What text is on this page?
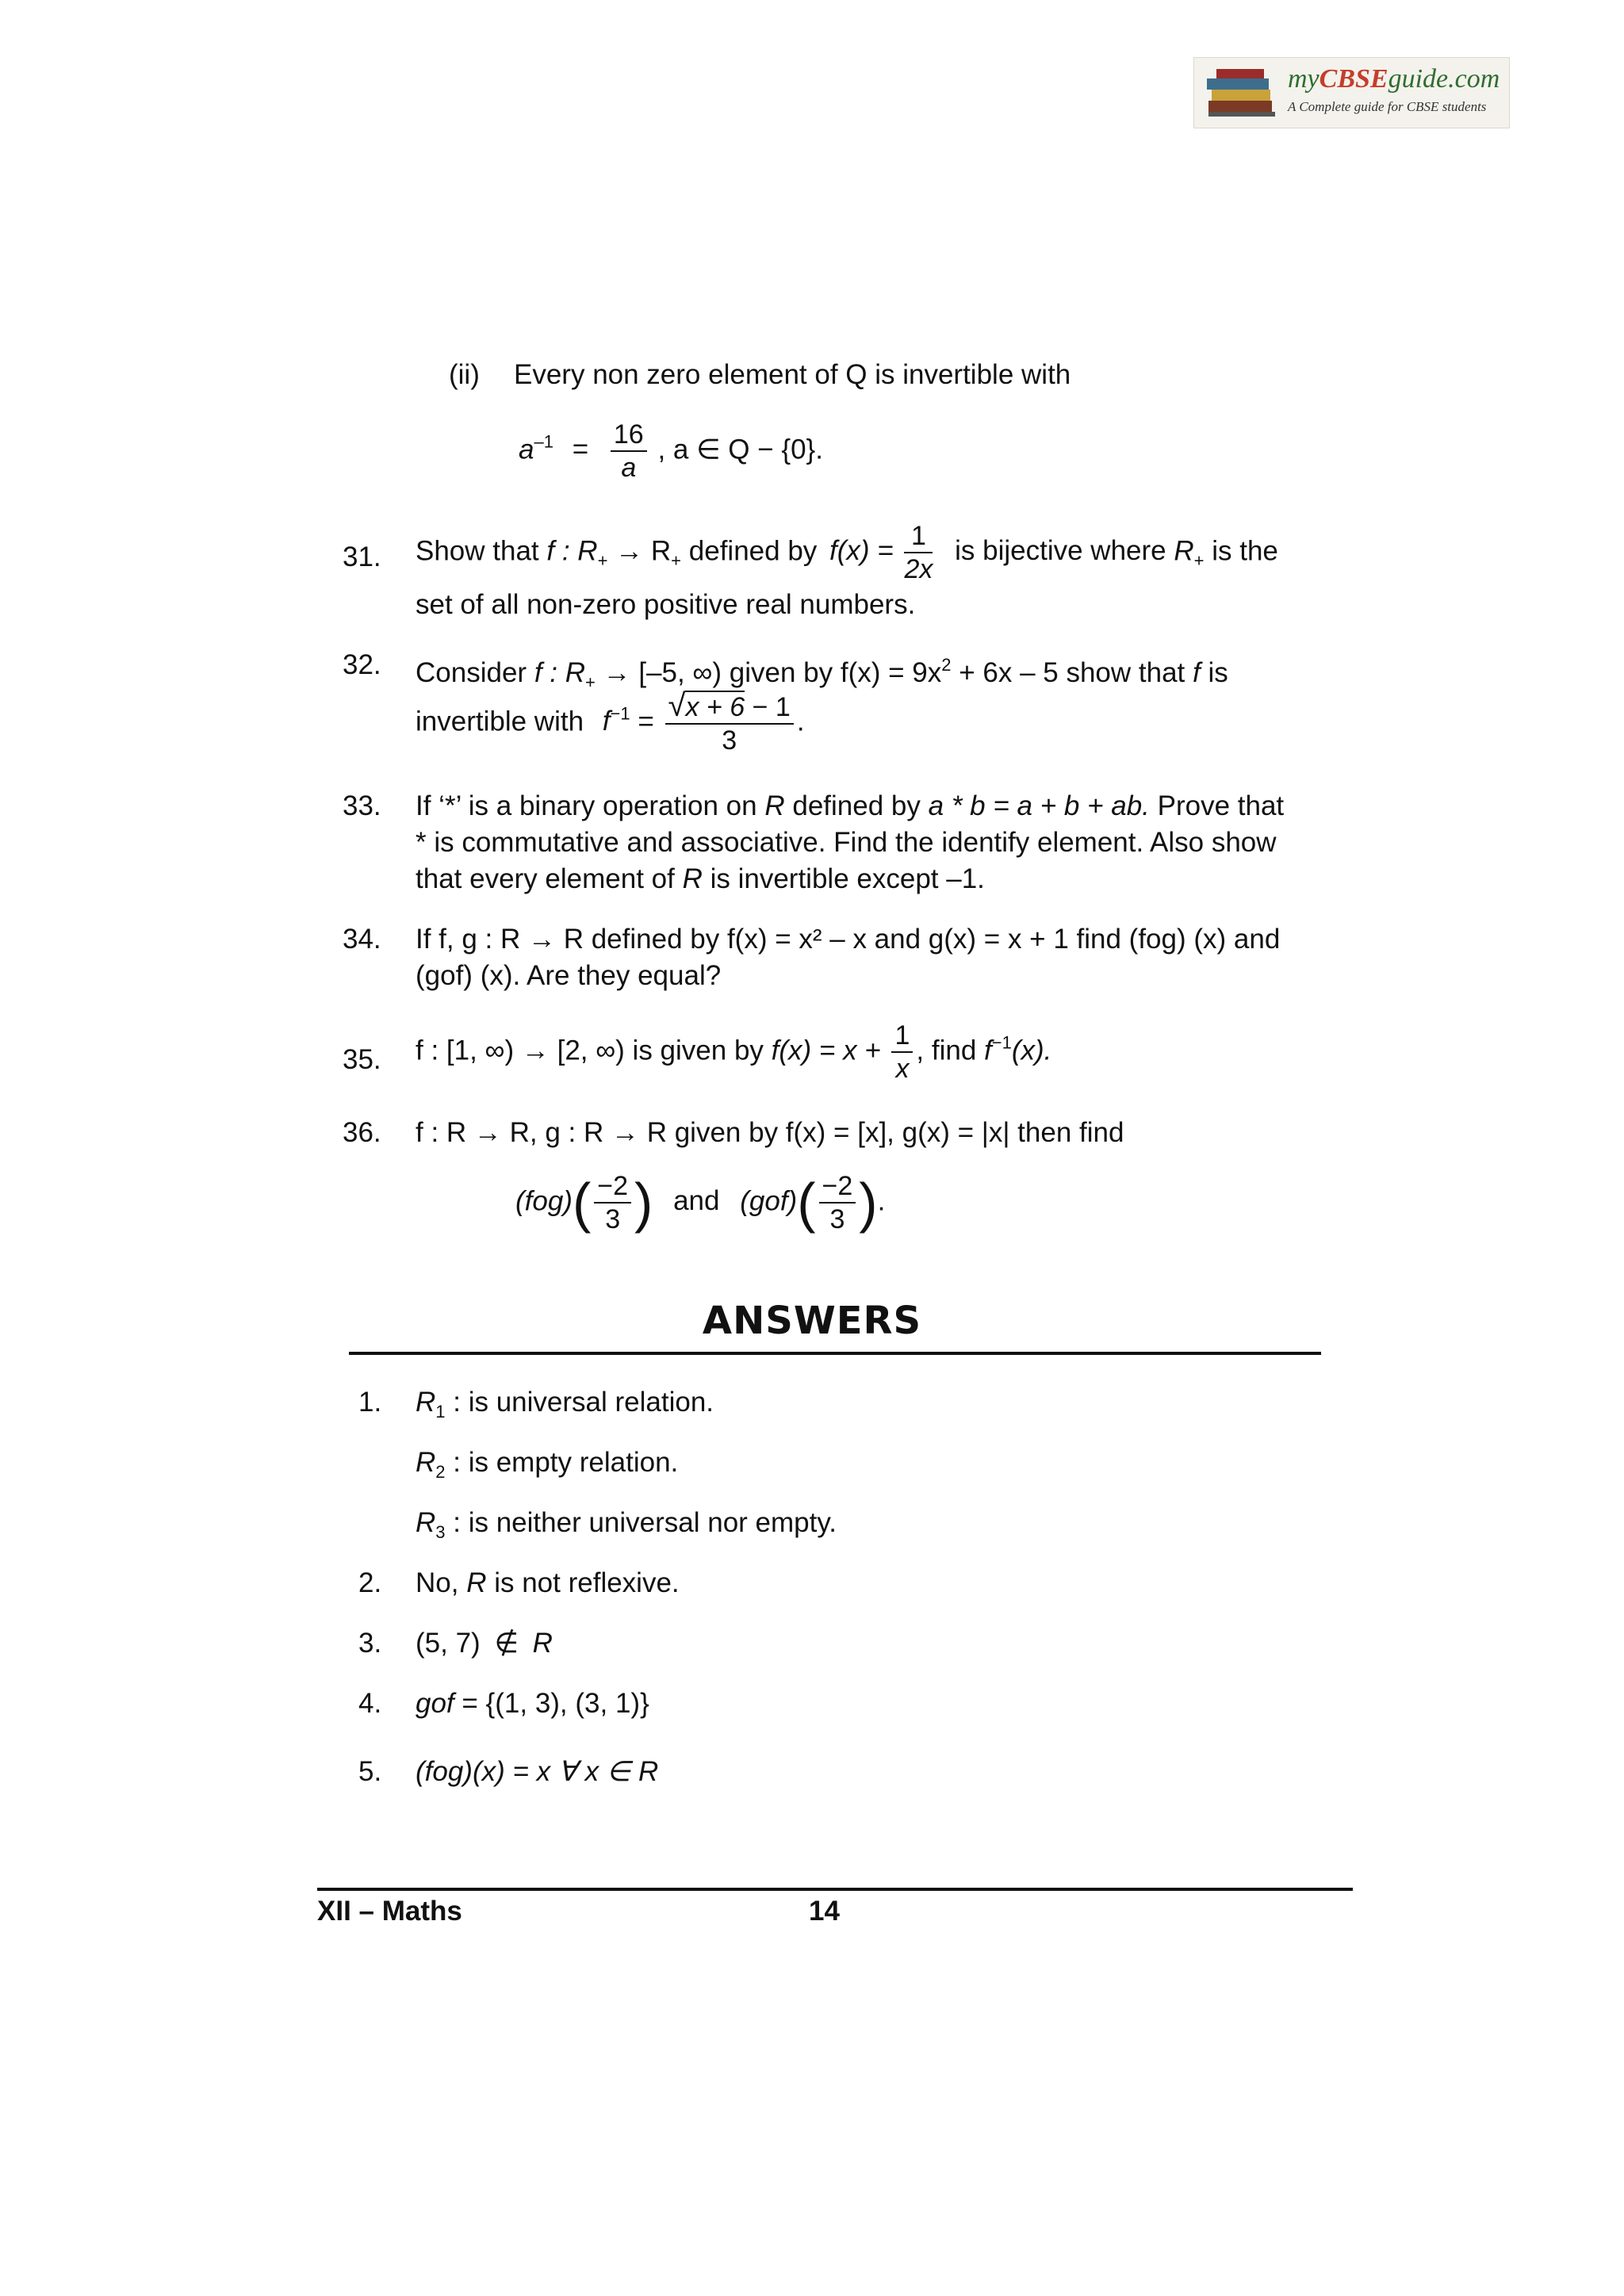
myCBSEguide.com
A Complete guide for CBSE students
(ii) Every non zero element of Q is invertible with
$a^{-1} = \frac{16}{a}$ , a ∈ Q − {0}.
31. Show that f : $R_+ \to R_+$ defined by $f(x) = \frac{1}{2x}$ is bijective where $R_+$ is the
set of all non-zero positive real numbers.
32. Consider f : $R_+ \to [-5$, ∞) given by $f(x) = 9x^2 + 6x - 5$ show that f is
invertible with $f^{-1} = \frac{√x + 6 - 1}{3}$ .
33. If ‘*’ is a binary operation on R defined by a * b = a + b + ab. Prove that
* is commutative and associative. Find the identify element. Also show
that every element of R is invertible except –1.
34. If f, g : R → R defined by f(x) = x² – x and g(x) = x + 1 find (fog) (x) and
(gof) (x). Are they equal?
35. f : [1, ∞) → [2, ∞) is given by $f(x) = x + \frac{1}{x}$ , find $f^{-1}(x)$.
36. f : R → R, g : R → R given by f(x) = [x], g(x) = |x| then find
$(fog)( \frac{-2}{3}$ ) and $(gof)( \frac{-2}{3}$ ).
ANSWERS
1. $R_1$ : is universal relation.
$R_2$ : is empty relation.
$R_3$ : is neither universal nor empty.
2. No, R is not reflexive.
3. (5, 7) ∉ R
4. gof = {(1, 3), (3, 1)}
5. (fog)(x) = x ∀ x ∈ R
XII – Maths	14
